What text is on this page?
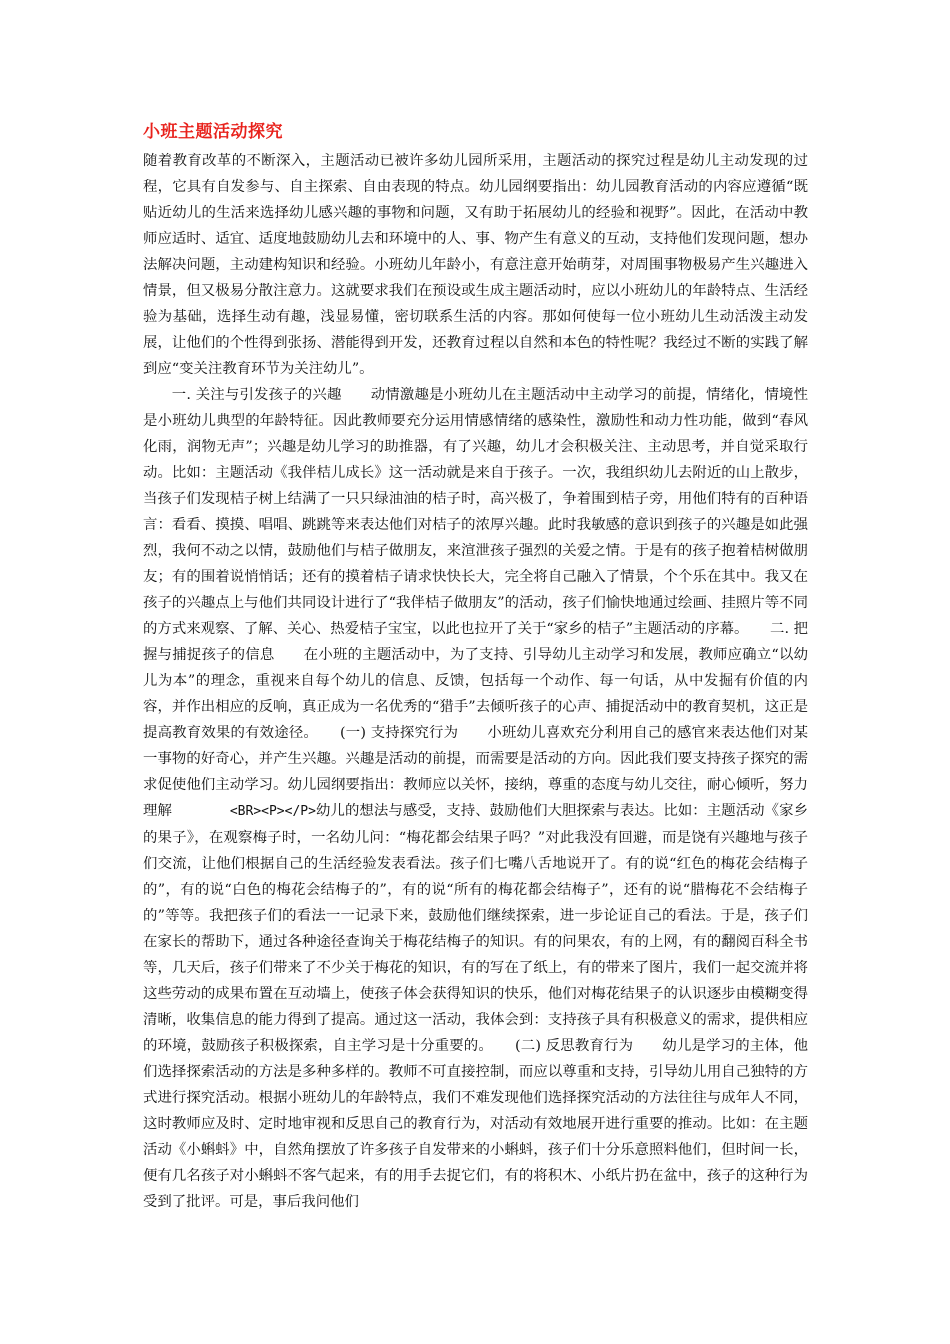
小班主题活动探究

随着教育改革的不断深入，主题活动已被许多幼儿园所采用，主题活动的探究过程是幼儿主动发现的过程，它具有自发参与、自主探索、自由表现的特点。幼儿园纲要指出：幼儿园教育活动的内容应遵循“既贴近幼儿的生活来选择幼儿感兴趣的事物和问题，又有助于拓展幼儿的经验和视野”。因此，在活动中教师应适时、适宜、适度地鼓励幼儿去和环境中的人、事、物产生有意义的互动，支持他们发现问题，想办法解决问题，主动建构知识和经验。小班幼儿年龄小，有意注意开始萌芽，对周围事物极易产生兴趣进入情景，但又极易分散注意力。这就要求我们在预设或生成主题活动时，应以小班幼儿的年龄特点、生活经验为基础，选择生动有趣，浅显易懂，密切联系生活的内容。那如何使每一位小班幼儿生动活泼主动发展，让他们的个性得到张扬、潜能得到开发，还教育过程以自然和本色的特性呢？我经过不断的实践了解到应“变关注教育环节为关注幼儿”。

一. 关注与引发孩子的兴趣　　动情激趣是小班幼儿在主题活动中主动学习的前提，情绪化，情境性是小班幼儿典型的年龄特征。因此教师要充分运用情感情绪的感染性，激励性和动力性功能，做到“春风化雨，润物无声”；兴趣是幼儿学习的助推器，有了兴趣，幼儿才会积极关注、主动思考，并自觉采取行动。比如：主题活动《我伴桔儿成长》这一活动就是来自于孩子。一次，我组织幼儿去附近的山上散步，当孩子们发现桔子树上结满了一只只绿油油的桔子时，高兴极了，争着围到桔子旁，用他们特有的百种语言：看看、摸摸、唱唱、跳跳等来表达他们对桔子的浓厚兴趣。此时我敏感的意识到孩子的兴趣是如此强烈，我何不动之以情，鼓励他们与桔子做朋友，来渲泄孩子强烈的关爱之情。于是有的孩子抱着桔树做朋友；有的围着说悄悄话；还有的摸着桔子请求快快长大，完全将自己融入了情景，个个乐在其中。我又在孩子的兴趣点上与他们共同设计进行了“我伴桔子做朋友”的活动，孩子们愉快地通过绘画、挂照片等不同的方式来观察、了解、关心、热爱桔子宝宝，以此也拉开了关于“家乡的桔子”主题活动的序幕。　　二. 把握与捕捉孩子的信息　　在小班的主题活动中，为了支持、引导幼儿主动学习和发展，教师应确立“以幼儿为本”的理念，重视来自每个幼儿的信息、反馈，包括每一个动作、每一句话，从中发掘有价值的内容，并作出相应的反响，真正成为一名优秀的“猎手”去倾听孩子的心声、捕捉活动中的教育契机，这正是提高教育效果的有效途径。　　(一) 支持探究行为　　小班幼儿喜欢充分利用自己的感官来表达他们对某一事物的好奇心，并产生兴趣。兴趣是活动的前提，而需要是活动的方向。因此我们要支持孩子探究的需求促使他们主动学习。幼儿园纲要指出：教师应以关怀，接纳，尊重的态度与幼儿交往，耐心倾听，努力理解　　　　<BR><P></P>幼儿的想法与感受，支持、鼓励他们大胆探索与表达。比如：主题活动《家乡的果子》，在观察梅子时，一名幼儿问：“梅花都会结果子吗？”对此我没有回避，而是饶有兴趣地与孩子们交流，让他们根据自己的生活经验发表看法。孩子们七嘴八舌地说开了。有的说“红色的梅花会结梅子的”，有的说“白色的梅花会结梅子的”，有的说“所有的梅花都会结梅子”，还有的说“腊梅花不会结梅子的”等等。我把孩子们的看法一一记录下来，鼓励他们继续探索，进一步论证自己的看法。于是，孩子们在家长的帮助下，通过各种途径查询关于梅花结梅子的知识。有的问果农，有的上网，有的翻阅百科全书等，几天后，孩子们带来了不少关于梅花的知识，有的写在了纸上，有的带来了图片，我们一起交流并将这些劳动的成果布置在互动墙上，使孩子体会获得知识的快乐，他们对梅花结果子的认识逐步由模糊变得清晰，收集信息的能力得到了提高。通过这一活动，我体会到：支持孩子具有积极意义的需求，提供相应的环境，鼓励孩子积极探索，自主学习是十分重要的。　　(二) 反思教育行为　　幼儿是学习的主体，他们选择探索活动的方法是多种多样的。教师不可直接控制，而应以尊重和支持，引导幼儿用自己独特的方式进行探究活动。根据小班幼儿的年龄特点，我们不难发现他们选择探究活动的方法往往与成年人不同，这时教师应及时、定时地审视和反思自己的教育行为，对活动有效地展开进行重要的推动。比如：在主题活动《小蝌蚪》中，自然角摆放了许多孩子自发带来的小蝌蚪，孩子们十分乐意照料他们，但时间一长，便有几名孩子对小蝌蚪不客气起来，有的用手去捉它们，有的将积木、小纸片扔在盆中，孩子的这种行为受到了批评。可是，事后我问他们
